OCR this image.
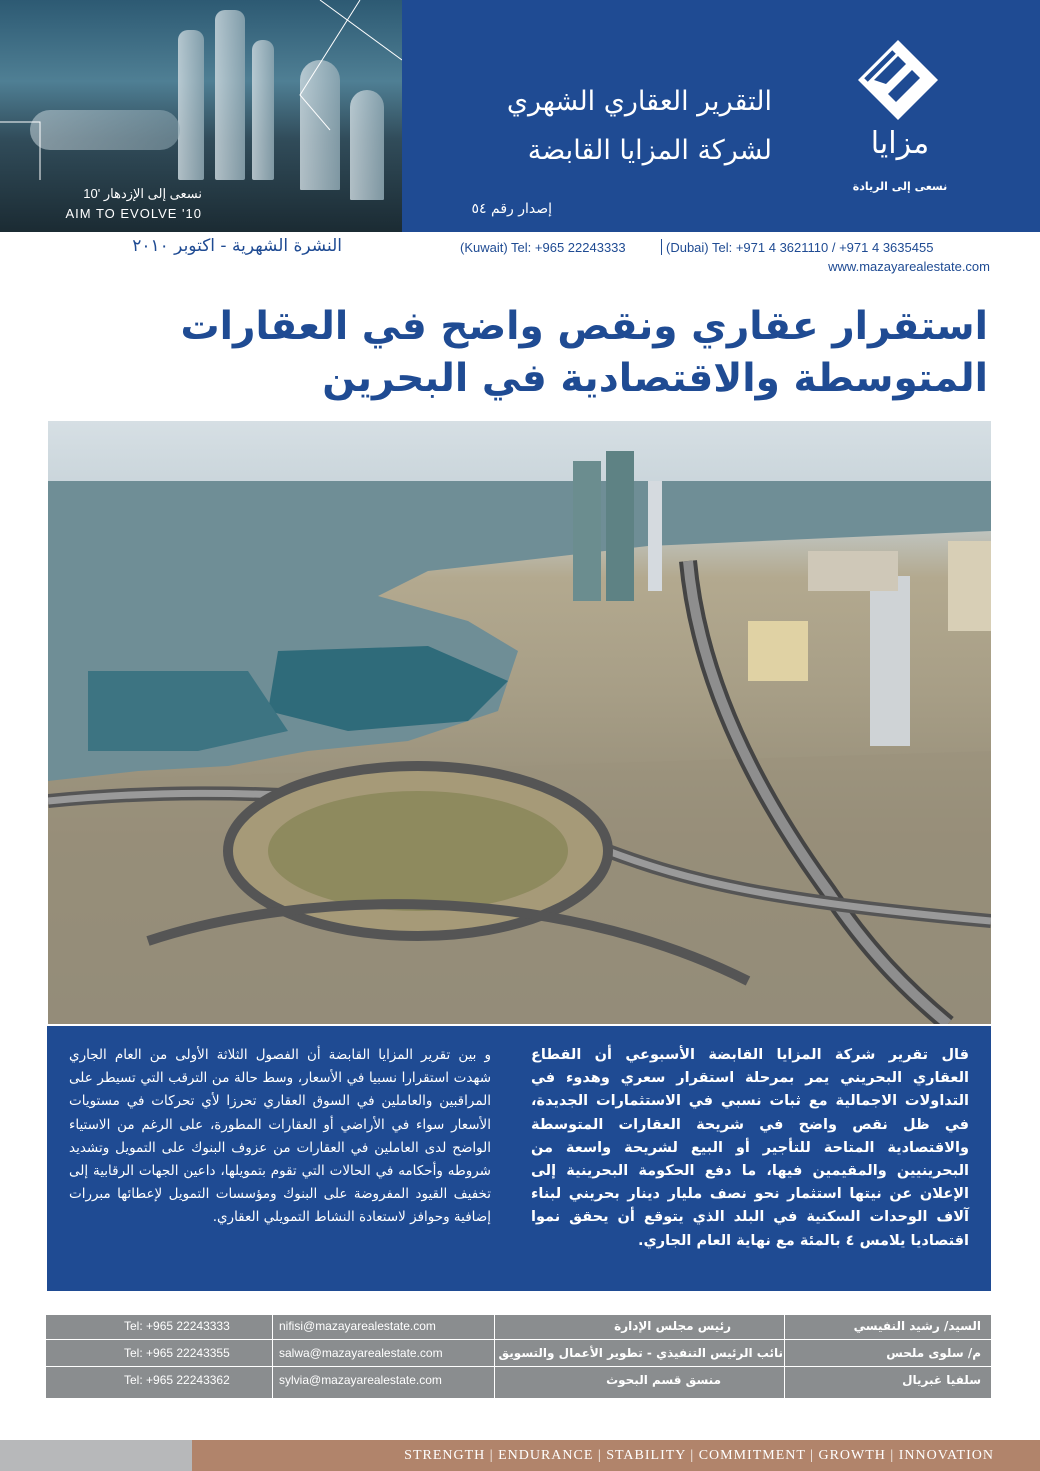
نسعى إلى الإزدهار '10
AIM TO EVOLVE '10
التقرير العقاري الشهري
لشركة المزايا القابضة
إصدار رقم ٥٤
مزايا
نسعى إلى الريادة
النشرة الشهرية - اكتوبر ٢٠١٠	(Kuwait) Tel: +965 22243333	(Dubai) Tel: +971 4 3621110 / +971 4 3635455
www.mazayarealestate.com
استقرار عقاري ونقص واضح في العقارات
المتوسطة والاقتصادية في البحرين
قال تقرير شركة المزايا القابضة الأسبوعي أن القطاع العقاري البحريني يمر بمرحلة استقرار سعري وهدوء في التداولات الاجمالية مع ثبات نسبي في الاستثمارات الجديدة، في ظل نقص واضح في شريحة العقارات المتوسطة والاقتصادية المتاحة للتأجير أو البيع لشريحة واسعة من البحرينيين والمقيمين فيها، ما دفع الحكومة البحرينية إلى الإعلان عن نيتها استثمار نحو نصف مليار دينار بحريني لبناء آلاف الوحدات السكنية في البلد الذي يتوقع أن يحقق نموا اقتصاديا يلامس ٤ بالمئة مع نهاية العام الجاري.
و بين تقرير المزايا القابضة أن الفصول الثلاثة الأولى من العام الجاري شهدت استقرارا نسبيا في الأسعار، وسط حالة من الترقب التي تسيطر على المراقبين والعاملين في السوق العقاري تحرزا لأي تحركات في مستويات الأسعار سواء في الأراضي أو العقارات المطورة، على الرغم من الاستياء الواضح لدى العاملين في العقارات من عزوف البنوك على التمويل وتشديد شروطه وأحكامه في الحالات التي تقوم بتمويلها، داعين الجهات الرقابية إلى تخفيف القيود المفروضة على البنوك ومؤسسات التمويل لإعطائها مبررات إضافية وحوافز لاستعادة النشاط التمويلي العقاري.
السيد/ رشيد النفيسي
رئيس مجلس الإدارة
nifisi@mazayarealestate.com
Tel: +965 22243333
م/ سلوى ملحس
نائب الرئيس التنفيذي - تطوير الأعمال والتسويق
salwa@mazayarealestate.com
Tel: +965 22243355
سلفيا غبريال
منسق قسم البحوث
sylvia@mazayarealestate.com
Tel: +965 22243362
STRENGTH | ENDURANCE | STABILITY | COMMITMENT | GROWTH | INNOVATION
